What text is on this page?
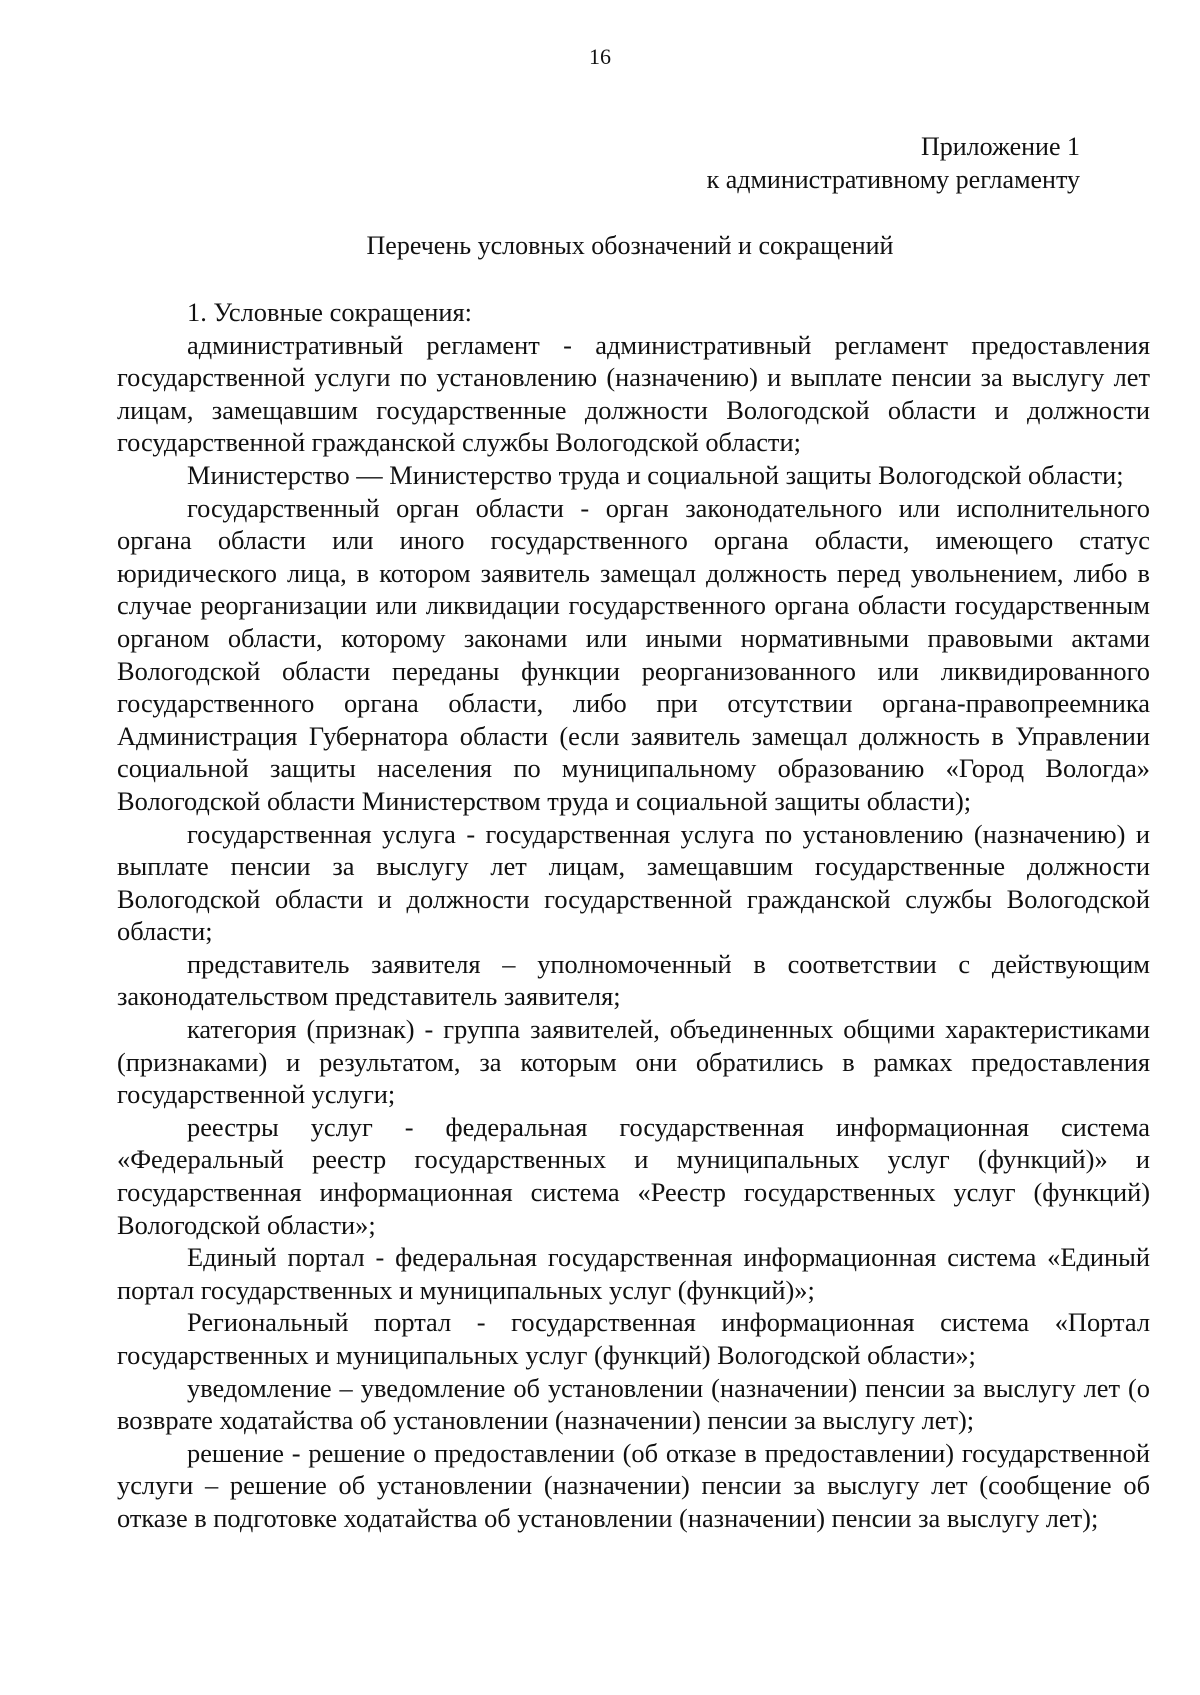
16
Приложение 1
к административному регламенту
Перечень условных обозначений и сокращений

1. Условные сокращения:

административный регламент - административный регламент предоставления государственной услуги по установлению (назначению) и выплате пенсии за выслугу лет лицам, замещавшим государственные должности Вологодской области и должности государственной гражданской службы Вологодской области;

Министерство — Министерство труда и социальной защиты Вологодской области;

государственный орган области - орган законодательного или исполнительного органа области или иного государственного органа области, имеющего статус юридического лица, в котором заявитель замещал должность перед увольнением, либо в случае реорганизации или ликвидации государственного органа области государственным органом области, которому законами или иными нормативными правовыми актами Вологодской области переданы функции реорганизованного или ликвидированного государственного органа области, либо при отсутствии органа-правопреемника Администрация Губернатора области (если заявитель замещал должность в Управлении социальной защиты населения по муниципальному образованию «Город Вологда» Вологодской области Министерством труда и социальной защиты области);

государственная услуга - государственная услуга по установлению (назначению) и выплате пенсии за выслугу лет лицам, замещавшим государственные должности Вологодской области и должности государственной гражданской службы Вологодской области;

представитель заявителя – уполномоченный в соответствии с действующим законодательством представитель заявителя;

категория (признак) - группа заявителей, объединенных общими характеристиками (признаками) и результатом, за которым они обратились в рамках предоставления государственной услуги;

реестры услуг - федеральная государственная информационная система «Федеральный реестр государственных и муниципальных услуг (функций)» и государственная информационная система «Реестр государственных услуг (функций) Вологодской области»;

Единый портал - федеральная государственная информационная система «Единый портал государственных и муниципальных услуг (функций)»;

Региональный портал - государственная информационная система «Портал государственных и муниципальных услуг (функций) Вологодской области»;

уведомление – уведомление об установлении (назначении) пенсии за выслугу лет (о возврате ходатайства об установлении (назначении) пенсии за выслугу лет);

решение - решение о предоставлении (об отказе в предоставлении) государственной услуги – решение об установлении (назначении) пенсии за выслугу лет (сообщение об отказе в подготовке ходатайства об установлении (назначении) пенсии за выслугу лет);
